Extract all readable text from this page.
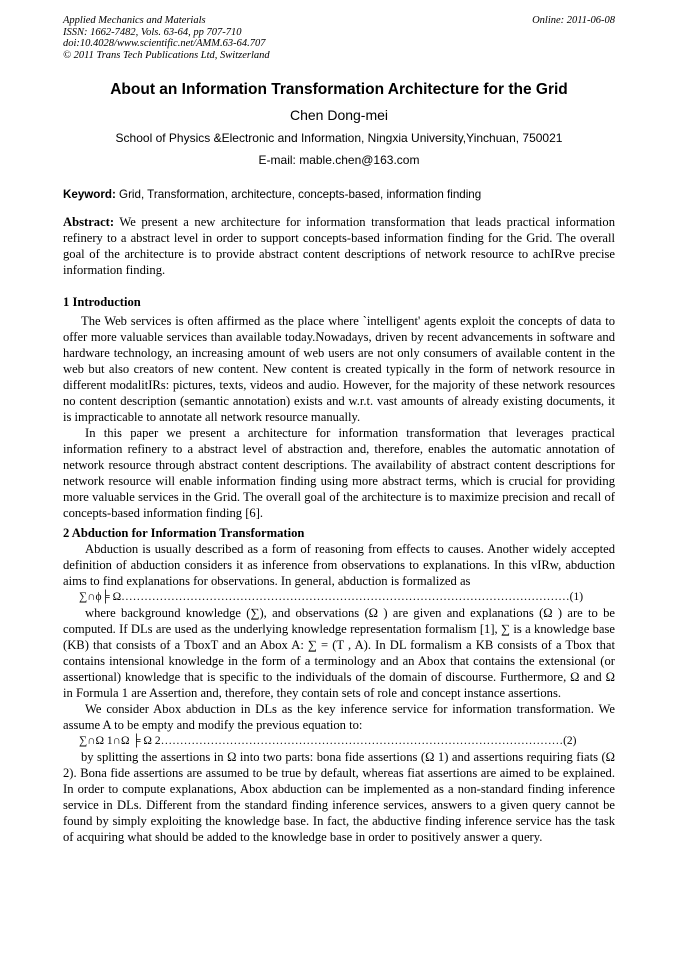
Applied Mechanics and Materials
ISSN: 1662-7482, Vols. 63-64, pp 707-710
doi:10.4028/www.scientific.net/AMM.63-64.707
© 2011 Trans Tech Publications Ltd, Switzerland
Online: 2011-06-08
About an Information Transformation Architecture for the Grid
Chen Dong-mei
School of Physics &Electronic and Information, Ningxia University,Yinchuan, 750021
E-mail: mable.chen@163.com
Keyword: Grid, Transformation, architecture, concepts-based, information finding

Abstract: We present a new architecture for information transformation that leads practical information refinery to a abstract level in order to support concepts-based information finding for the Grid. The overall goal of the architecture is to provide abstract content descriptions of network resource to achIRve precise information finding.

1 Introduction

The Web services is often affirmed as the place where `intelligent' agents exploit the concepts of data to offer more valuable services than available today.Nowadays, driven by recent advancements in software and hardware technology, an increasing amount of web users are not only consumers of available content in the web but also creators of new content. New content is created typically in the form of network resource in different modalitIRs: pictures, texts, videos and audio. However, for the majority of these network resources no content description (semantic annotation) exists and w.r.t. vast amounts of already existing documents, it is impracticable to annotate all network resource manually.

In this paper we present a architecture for information transformation that leverages practical information refinery to a abstract level of abstraction and, therefore, enables the automatic annotation of network resource through abstract content descriptions. The availability of abstract content descriptions for network resource will enable information finding using more abstract terms, which is crucial for providing more valuable services in the Grid. The overall goal of the architecture is to maximize precision and recall of concepts-based information finding [6].

2 Abduction for Information Transformation

Abduction is usually described as a form of reasoning from effects to causes. Another widely accepted definition of abduction considers it as inference from observations to explanations. In this vIRw, abduction aims to find explanations for observations. In general, abduction is formalized as

∑∩ϕ╞ Ω………………………………………………………………………………………………………(1)

where background knowledge (∑), and observations (Ω ) are given and explanations (Ω ) are to be computed. If DLs are used as the underlying knowledge representation formalism [1], ∑ is a knowledge base (KB) that consists of a TboxT and an Abox A: ∑ = (T , A). In DL formalism a KB consists of a Tbox that contains intensional knowledge in the form of a terminology and an Abox that contains the extensional (or assertional) knowledge that is specific to the individuals of the domain of discourse. Furthermore, Ω and Ω in Formula 1 are Assertion and, therefore, they contain sets of role and concept instance assertions.

We consider Abox abduction in DLs as the key inference service for information transformation. We assume A to be empty and modify the previous equation to:

∑∩Ω 1∩Ω ╞ Ω 2……………………………………………………………………………………………(2)

by splitting the assertions in Ω into two parts: bona fide assertions (Ω 1) and assertions requiring fiats (Ω 2). Bona fide assertions are assumed to be true by default, whereas fiat assertions are aimed to be explained. In order to compute explanations, Abox abduction can be implemented as a non-standard finding inference service in DLs. Different from the standard finding inference services, answers to a given query cannot be found by simply exploiting the knowledge base. In fact, the abductive finding inference service has the task of acquiring what should be added to the knowledge base in order to positively answer a query.
